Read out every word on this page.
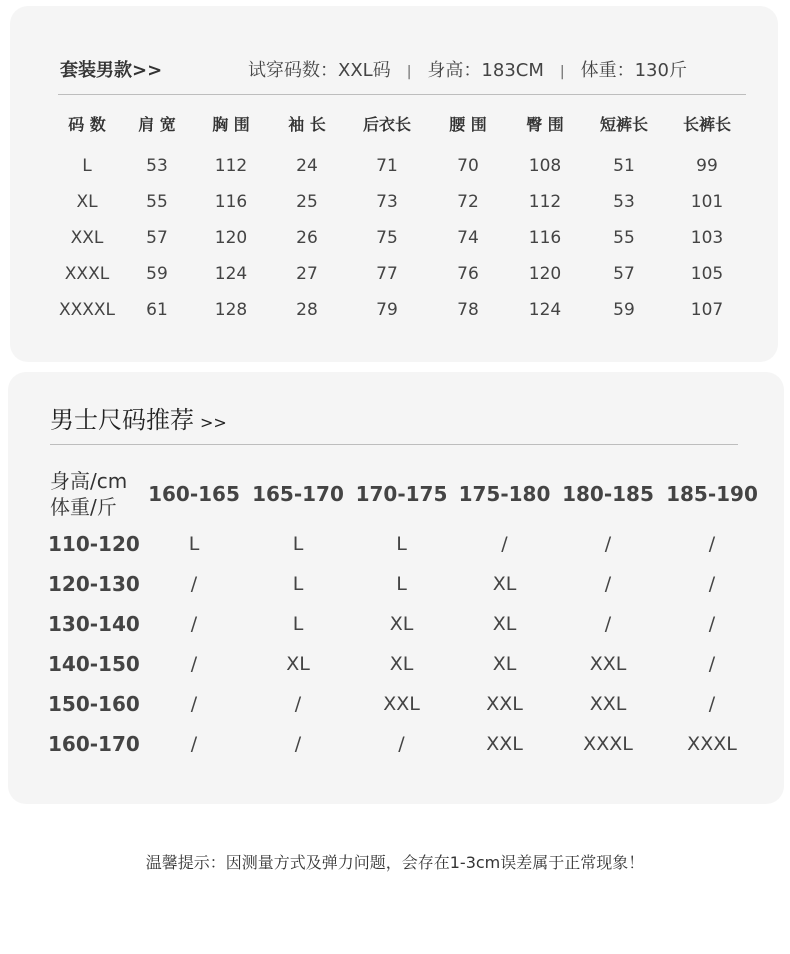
套装男款>>	试穿码数：XXL码 | 身高：183CM | 体重：130斤
码 数	肩 宽	胸 围	袖 长	后衣长	腰 围	臀 围	短裤长	长裤长
L	53	112	24	71	70	108	51	99
XL	55	116	25	73	72	112	53	101
XXL	57	120	26	75	74	116	55	103
XXXL	59	124	27	77	76	120	57	105
XXXXL	61	128	28	79	78	124	59	107
男士尺码推荐 >>
身高/cm
体重/斤	160-165	165-170	170-175	175-180	180-185	185-190
110-120	L	L	L	/	/	/
120-130	/	L	L	XL	/	/
130-140	/	L	XL	XL	/	/
140-150	/	XL	XL	XL	XXL	/
150-160	/	/	XXL	XXL	XXL	/
160-170	/	/	/	XXL	XXXL	XXXL
温馨提示：因测量方式及弹力问题，会存在1-3cm误差属于正常现象！
